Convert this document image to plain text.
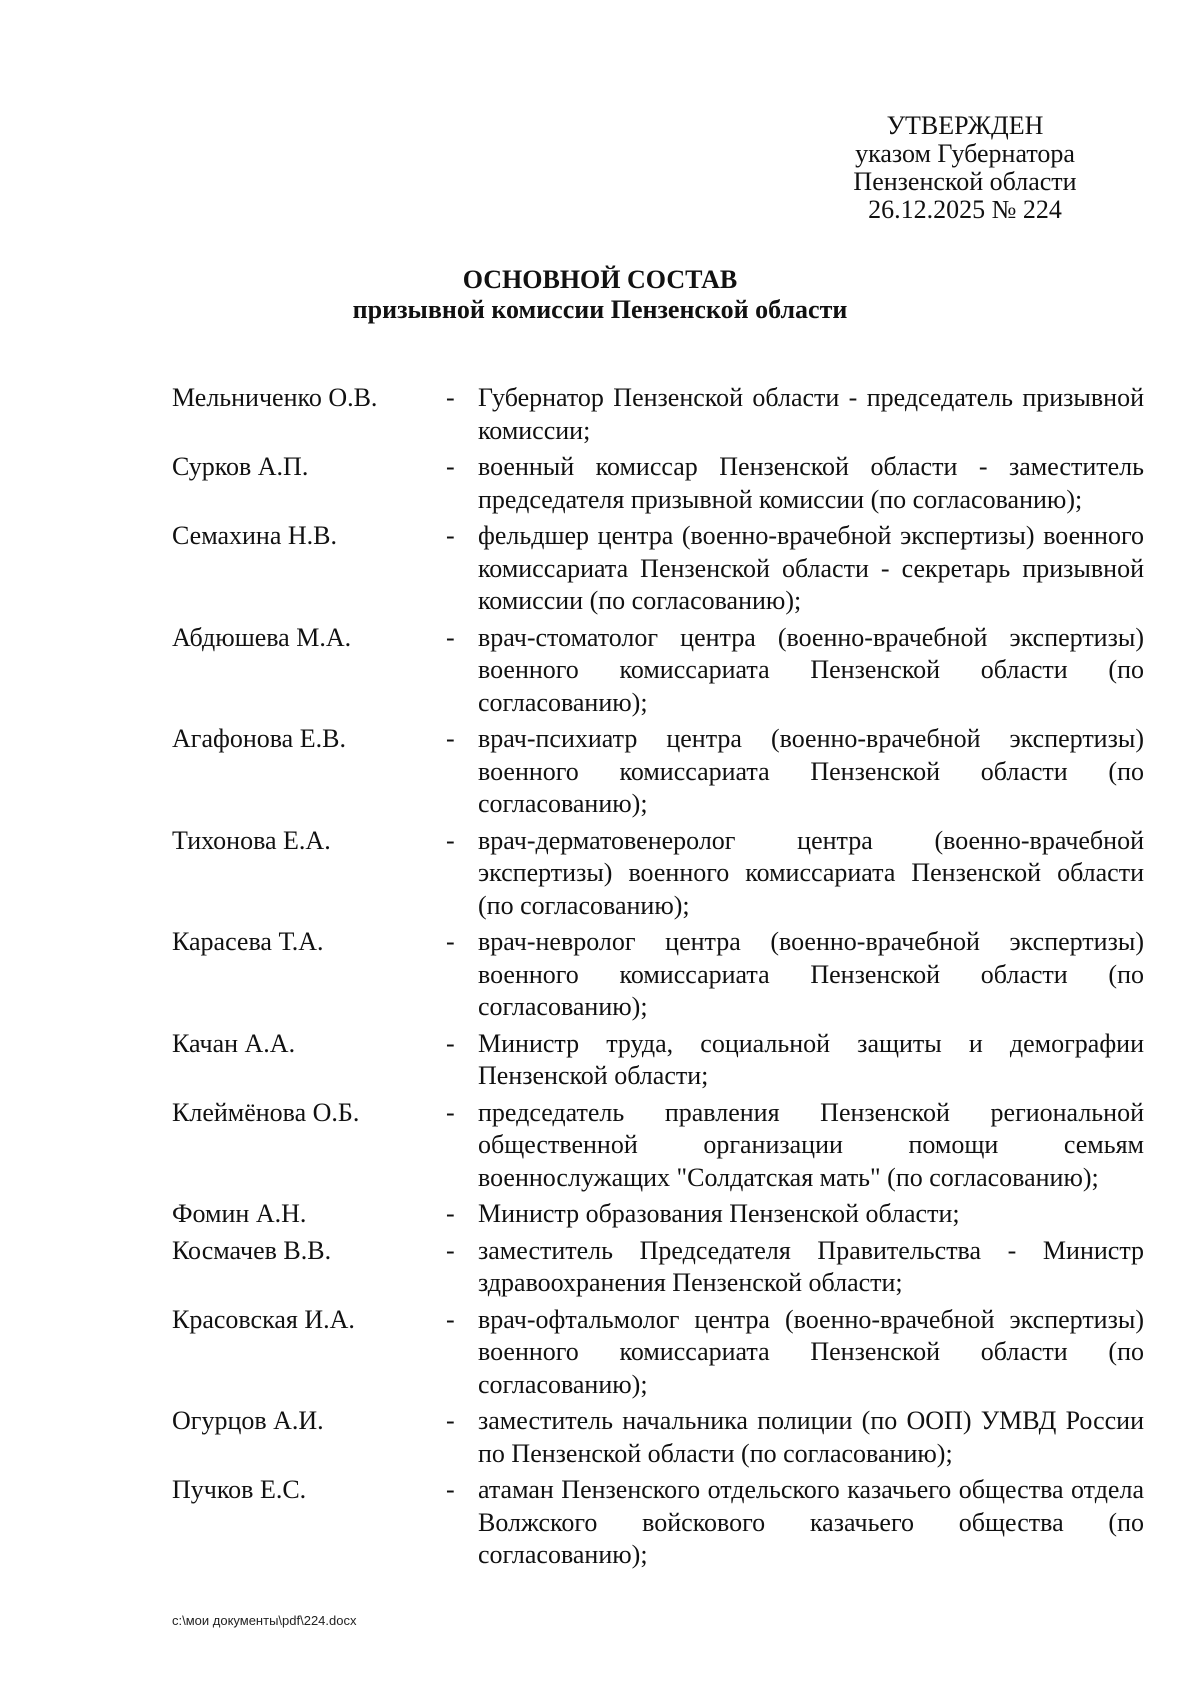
УТВЕРЖДЕН
указом Губернатора
Пензенской области
26.12.2025 № 224
ОСНОВНОЙ СОСТАВ
призывной комиссии Пензенской области
Мельниченко О.В.	- Губернатор Пензенской области - председатель призывной комиссии;
Сурков А.П.	- военный комиссар Пензенской области - заместитель председателя призывной комиссии (по согласованию);
Семахина Н.В.	- фельдшер центра (военно-врачебной экспертизы) военного комиссариата Пензенской области - секретарь призывной комиссии (по согласованию);
Абдюшева М.А.	- врач-стоматолог центра (военно-врачебной экспертизы) военного комиссариата Пензенской области (по согласованию);
Агафонова Е.В.	- врач-психиатр центра (военно-врачебной экспертизы) военного комиссариата Пензенской области (по согласованию);
Тихонова Е.А.	- врач-дерматовенеролог центра (военно-врачебной экспертизы) военного комиссариата Пензенской области (по согласованию);
Карасева Т.А.	- врач-невролог центра (военно-врачебной экспертизы) военного комиссариата Пензенской области (по согласованию);
Качан А.А.	- Министр труда, социальной защиты и демографии Пензенской области;
Клеймёнова О.Б.	- председатель правления Пензенской региональной общественной организации помощи семьям военнослужащих "Солдатская мать" (по согласованию);
Фомин А.Н.	- Министр образования Пензенской области;
Космачев В.В.	- заместитель Председателя Правительства - Министр здравоохранения Пензенской области;
Красовская И.А.	- врач-офтальмолог центра (военно-врачебной экспертизы) военного комиссариата Пензенской области (по согласованию);
Огурцов А.И.	- заместитель начальника полиции (по ООП) УМВД России по Пензенской области (по согласованию);
Пучков Е.С.	- атаман Пензенского отдельского казачьего общества отдела Волжского войскового казачьего общества (по согласованию);
c:\мои документы\pdf\224.docx
